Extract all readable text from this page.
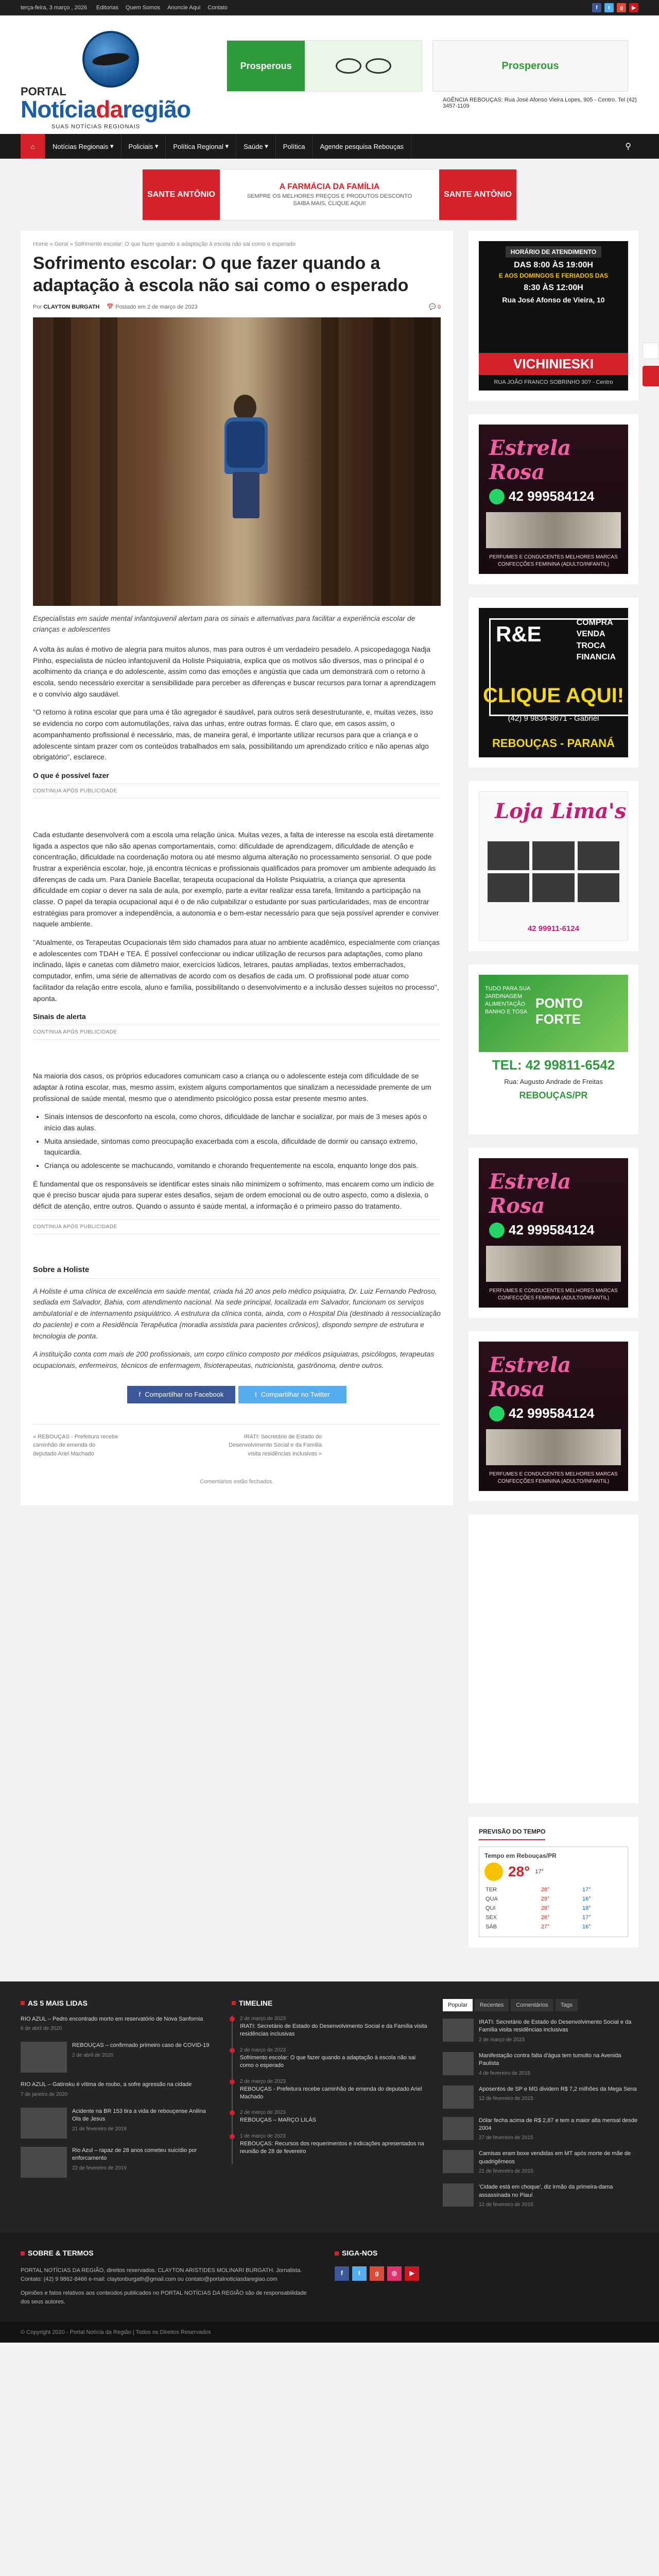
terça-feira, 3 março , 2026 Editorias Quem Somos Anuncie Aqui Contato	f	t	g	▶
PORTAL
Notíciadaregião
SUAS NOTÍCIAS REGIONAIS
Prosperous	Prosperous
AGÊNCIA REBOUÇAS: Rua José Afonso Vieira Lopes, 905 - Centro. Tel (42) 3457-1109
⌂	Notícias Regionais ▾	Policiais ▾	Política Regional ▾	Saúde ▾	Política	Agende pesquisa Rebouças	⚲
SANTE ANTÔNIO
A FARMÁCIA DA FAMÍLIA
SEMPRE OS MELHORES PREÇOS E PRODUTOS DESCONTO
SAIBA MAIS, CLIQUE AQUI!
SANTE ANTÔNIO
Home » Geral » Sofrimento escolar: O que fazer quando a adaptação à escola não sai como o esperado
Sofrimento escolar: O que fazer quando a adaptação à escola não sai como o esperado
Por CLAYTON BURGATH 📅 Postado em 2 de março de 2023	💬 0

Especialistas em saúde mental infantojuvenil alertam para os sinais e alternativas para facilitar a experiência escolar de crianças e adolescentes

A volta às aulas é motivo de alegria para muitos alunos, mas para outros é um verdadeiro pesadelo. A psicopedagoga Nadja Pinho, especialista de núcleo infantojuvenil da Holiste Psiquiatria, explica que os motivos são diversos, mas o principal é o acolhimento da criança e do adolescente, assim como das emoções e angústia que cada um demonstrará com o retorno à escola, sendo necessário exercitar a sensibilidade para perceber as diferenças e buscar recursos para tornar a aprendizagem e o convívio algo saudável.

"O retorno à rotina escolar que para uma é tão agregador é saudável, para outros será desestruturante, e, muitas vezes, isso se evidencia no corpo com automutilações, raiva das unhas, entre outras formas. É claro que, em casos assim, o acompanhamento profissional é necessário, mas, de maneira geral, é importante utilizar recursos para que a criança e o adolescente sintam prazer com os conteúdos trabalhados em sala, possibilitando um aprendizado crítico e não apenas algo obrigatório", esclarece.

O que é possível fazer
CONTINUA APÓS PUBLICIDADE

Cada estudante desenvolverá com a escola uma relação única. Muitas vezes, a falta de interesse na escola está diretamente ligada a aspectos que não são apenas comportamentais, como: dificuldade de aprendizagem, dificuldade de atenção e concentração, dificuldade na coordenação motora ou até mesmo alguma alteração no processamento sensorial. O que pode frustrar a experiência escolar, hoje, já encontra técnicas e profissionais qualificados para promover um ambiente adequado às diferenças de cada um. Para Daniele Bacellar, terapeuta ocupacional da Holiste Psiquiatria, a criança que apresenta dificuldade em copiar o dever na sala de aula, por exemplo, parte a evitar realizar essa tarefa, limitando a participação na classe. O papel da terapia ocupacional aqui é o de não culpabilizar o estudante por suas particularidades, mas de encontrar estratégias para promover a independência, a autonomia e o bem-estar necessário para que seja possível aprender e conviver naquele ambiente.

"Atualmente, os Terapeutas Ocupacionais têm sido chamados para atuar no ambiente acadêmico, especialmente com crianças e adolescentes com TDAH e TEA. É possível confeccionar ou indicar utilização de recursos para adaptações, como plano inclinado, lápis e canetas com diâmetro maior, exercícios lúdicos, letrares, pautas ampliadas, textos emberrachados, computador, enfim, uma série de alternativas de acordo com os desafios de cada um. O profissional pode atuar como facilitador da relação entre escola, aluno e família, possibilitando o desenvolvimento e a inclusão desses sujeitos no processo", aponta.

Sinais de alerta
CONTINUA APÓS PUBLICIDADE

Na maioria dos casos, os próprios educadores comunicam caso a criança ou o adolescente esteja com dificuldade de se adaptar à rotina escolar, mas, mesmo assim, existem alguns comportamentos que sinalizam a necessidade premente de um profissional de saúde mental, mesmo que o atendimento psicológico possa estar presente mesmo antes.

• Sinais intensos de desconforto na escola, como choros, dificuldade de lanchar e socializar, por mais de 3 meses após o início das aulas.
• Muita ansiedade, sintomas como preocupação exacerbada com a escola, dificuldade de dormir ou cansaço extremo, taquicardia.
• Criança ou adolescente se machucando, vomitando e chorando frequentemente na escola, enquanto longe dos pais.

É fundamental que os responsáveis se identificar estes sinais não minimizem o sofrimento, mas encarem como um indício de que é preciso buscar ajuda para superar estes desafios, sejam de ordem emocional ou de outro aspecto, como a dislexia, o déficit de atenção, entre outros. Quando o assunto é saúde mental, a informação é o primeiro passo do tratamento.

CONTINUA APÓS PUBLICIDADE
Sobre a Holiste

A Holiste é uma clínica de excelência em saúde mental, criada há 20 anos pelo médico psiquiatra, Dr. Luiz Fernando Pedroso, sediada em Salvador, Bahia, com atendimento nacional. Na sede principal, localizada em Salvador, funcionam os serviços ambulatorial e de internamento psiquiátrico. A estrutura da clínica conta, ainda, com o Hospital Dia (destinado à ressocialização do paciente) e com a Residência Terapêutica (moradia assistida para pacientes crônicos), dispondo sempre de estrutura e tecnologia de ponta.

A instituição conta com mais de 200 profissionais, um corpo clínico composto por médicos psiquiatras, psicólogos, terapeutas ocupacionais, enfermeiros, técnicos de enfermagem, fisioterapeutas, nutricionista, gastrônoma, dentre outros.

f Compartilhar no Facebook	t Compartilhar no Twitter
« REBOUÇAS - Prefeitura recebe caminhão de emenda do deputado Ariel Machado
IRATI: Secretário de Estado do Desenvolvimento Social e da Família visita residências inclusivas »
Comentários estão fechados.
HORÁRIO DE ATENDIMENTO
DAS 8:00 ÀS 19:00H
E AOS DOMINGOS E FERIADOS DAS
8:30 ÀS 12:00H
Rua José Afonso de Vieira, 10
VICHINIESKI
RUA JOÃO FRANCO SOBRINHO 30? - Centro
Estrela Rosa
42 999584124
PERFUMES E CONDUCENTES MELHORES MARCAS CONFECÇÕES FEMININA (ADULTO/INFANTIL)
R&E	COMPRA
VENDA
TROCA
FINANCIA
CLIQUE AQUI!
(42) 9 9834-8671 - Gabriel
REBOUÇAS - PARANÁ
Loja Lima's
42 99911-6124
TUDO PARA SUA JARDINAGEM ALIMENTAÇÃO BANHO E TOSA
PONTO FORTE
TEL: 42 99811-6542
Rua: Augusto Andrade de Freitas
REBOUÇAS/PR
Estrela Rosa
42 999584124
PERFUMES E CONDUCENTES MELHORES MARCAS CONFECÇÕES FEMININA (ADULTO/INFANTIL)
Estrela Rosa
42 999584124
PERFUMES E CONDUCENTES MELHORES MARCAS CONFECÇÕES FEMININA (ADULTO/INFANTIL)
PREVISÃO DO TEMPO
Tempo em Rebouças/PR
28° 17°
TER	28°	17°
QUA	29°	16°
QUI	28°	18°
SEX	26°	17°
SÁB	27°	16°
AS 5 MAIS LIDAS
RIO AZUL – Pedro encontrado morto em reservatório de Nova Sanfornia
6 de abril de 2020
REBOUÇAS – confirmado primeiro caso de COVID-19
2 de abril de 2020
RIO AZUL – Gatinsku é vítima de roubo, a sofre agressão na cidade
7 de janeiro de 2020
Acidente na BR 153 tira a vida de rebouçense Anilina Ola de Jesus
21 de fevereiro de 2019
Rio Azul – rapaz de 28 anos cometeu suicídio por enforcamento
22 de fevereiro de 2019
TIMELINE
2 de março de 2023
IRATI: Secretário de Estado do Desenvolvimento Social e da Família visita residências inclusivas
2 de março de 2023
Sofrimento escolar: O que fazer quando a adaptação à escola não sai como o esperado
2 de março de 2023
REBOUÇAS - Prefeitura recebe caminhão de emenda do deputado Ariel Machado
2 de março de 2023
REBOUÇAS – MARÇO LILÁS
1 de março de 2023
REBOUÇAS: Recursos dos requerimentos e indicações apresentados na reunião de 28 de fevereiro
Popular	Recentes	Comentários	Tags
IRATI: Secretário de Estado do Desenvolvimento Social e da Família visita residências inclusivas
2 de março de 2023
Manifestação contra falta d'água tem tumulto na Avenida Paulista
4 de fevereiro de 2015
Aposentos de SP e MG dividem R$ 7,2 milhões da Mega Sena
12 de fevereiro de 2015
Dólar fecha acima de R$ 2,87 e tem a maior alta mensal desde 2004
27 de fevereiro de 2015
Camisas eram boxe vendidas em MT após morte de mãe de quadrigêmeos
21 de fevereiro de 2015
'Cidade está em choque', diz irmão da primeira-dama assassinada no Piauí
12 de fevereiro de 2015
SOBRE & TERMOS

PORTAL NOTÍCIAS DA REGIÃO, direitos reservados. CLAYTON ARISTIDES MOLINARI BURGATH. Jornalista. Contato: (42) 9 9862-8466 e-mail: claytonburgath@gmail.com ou contato@portalnoticiasdaregiao.com

Opiniões e fatos relativos aos conteúdos publicados no PORTAL NOTÍCIAS DA REGIÃO são de responsabilidade dos seus autores.

SIGA-NOS
f	t	g	◎	▶
© Copyright 2020 - Portal Notícia da Região | Todos os Direitos Reservados
